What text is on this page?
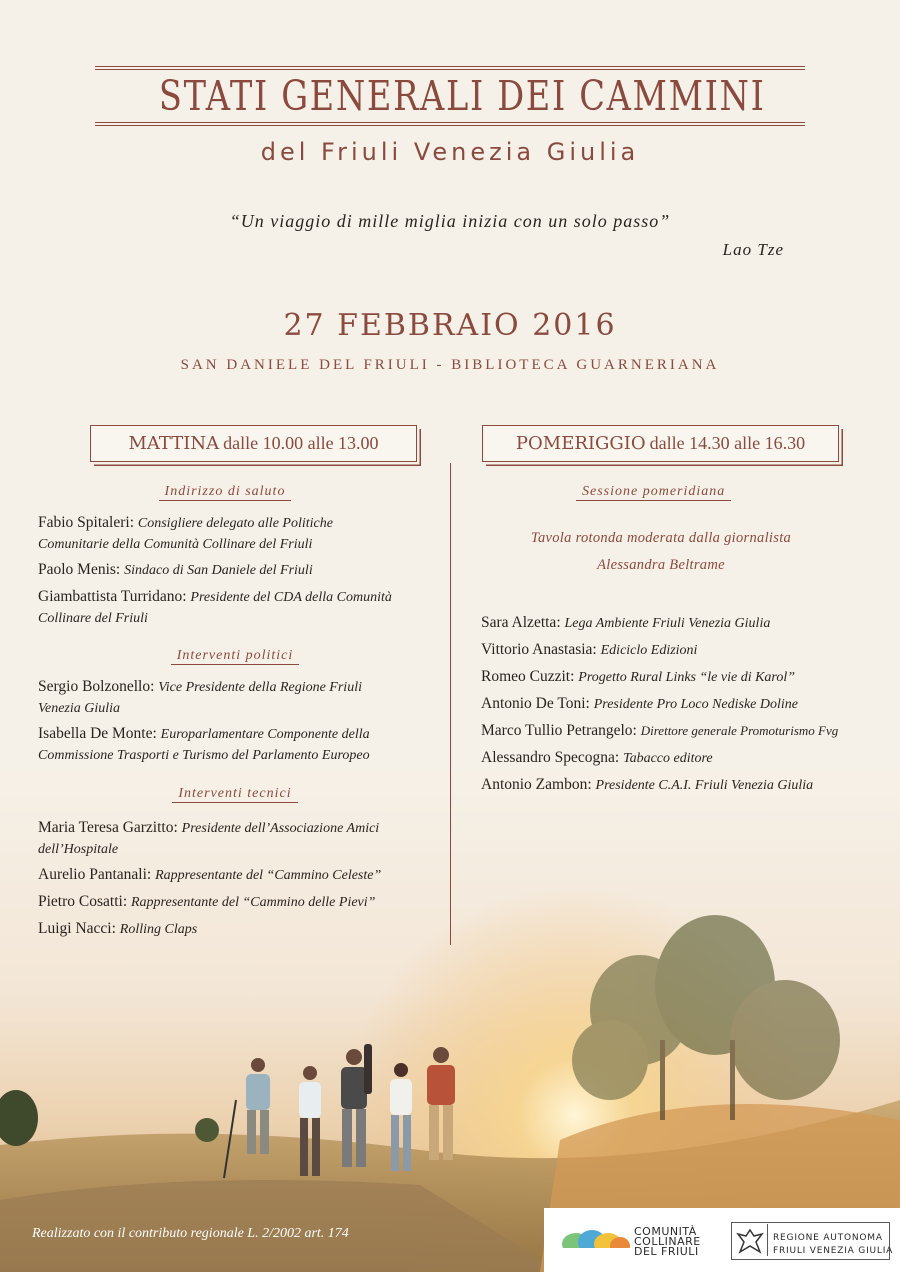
STATI GENERALI DEI CAMMINI
del Friuli Venezia Giulia
“Un viaggio di mille miglia inizia con un solo passo”
Lao Tze
27 FEBBRAIO 2016
SAN DANIELE DEL FRIULI - BIBLIOTECA GUARNERIANA
MATTINA dalle 10.00 alle 13.00	POMERIGGIO dalle 14.30 alle 16.30
Indirizzo di saluto
Fabio Spitaleri: Consigliere delegato alle Politiche
Comunitarie della Comunità Collinare del Friuli
Paolo Menis: Sindaco di San Daniele del Friuli
Giambattista Turridano: Presidente del CDA della Comunità
Collinare del Friuli
Interventi politici
Sergio Bolzonello: Vice Presidente della Regione Friuli
Venezia Giulia
Isabella De Monte: Europarlamentare Componente della
Commissione Trasporti e Turismo del Parlamento Europeo
Interventi tecnici
Maria Teresa Garzitto: Presidente dell’Associazione Amici
dell’Hospitale
Aurelio Pantanali: Rappresentante del “Cammino Celeste”
Pietro Cosatti: Rappresentante del “Cammino delle Pievi”
Luigi Nacci: Rolling Claps
Sessione pomeridiana
Tavola rotonda moderata dalla giornalista
Alessandra Beltrame
Sara Alzetta: Lega Ambiente Friuli Venezia Giulia
Vittorio Anastasia: Ediciclo Edizioni
Romeo Cuzzit: Progetto Rural Links “le vie di Karol”
Antonio De Toni: Presidente Pro Loco Nediske Doline
Marco Tullio Petrangelo: Direttore generale Promoturismo Fvg
Alessandro Specogna: Tabacco editore
Antonio Zambon: Presidente C.A.I. Friuli Venezia Giulia
Realizzato con il contributo regionale L. 2/2002 art. 174	COMUNITÀ
COLLINARE
DEL FRIULI
REGIONE AUTONOMA
FRIULI VENEZIA GIULIA
